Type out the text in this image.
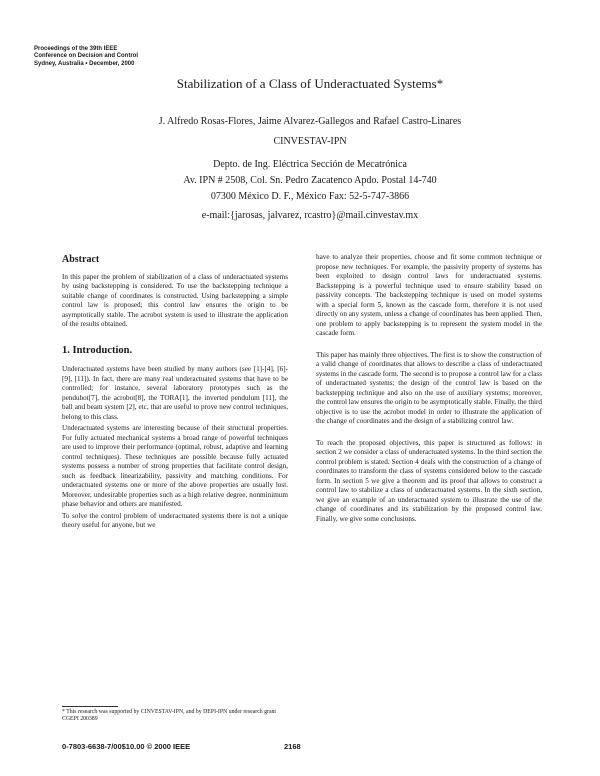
Proceedings of the 39th IEEE
Conference on Decision and Control
Sydney, Australia • December, 2000
Stabilization of a Class of Underactuated Systems*
J. Alfredo Rosas-Flores, Jaime Alvarez-Gallegos and Rafael Castro-Linares
CINVESTAV-IPN
Depto. de Ing. Eléctrica Sección de Mecatrónica
Av. IPN # 2508, Col. Sn. Pedro Zacatenco Apdo. Postal 14-740
07300 México D. F., México Fax: 52-5-747-3866
e-mail:{jarosas, jalvarez, rcastro}@mail.cinvestav.mx

Abstract

In this paper the problem of stabilization of a class of underactuated systems by using backstepping is considered. To use the backstepping technique a suitable change of coordinates is constructed. Using backstepping a simple control law is proposed; this control law ensures the origin to be asymptotically stable. The acrobot system is used to illustrate the application of the results obtained.

1. Introduction.

Underactuated systems have been studied by many authors (see [1]-[4], [6]-[9], [11]). In fact, there are many real underactuated systems that have to be controlled; for instance, several laboratory prototypes such as the pendubot[7], the acrobot[8], the TORA[1], the inverted pendulum [11], the ball and beam system [2], etc, that are useful to prove new control techniques, belong to this class.

Underactuated systems are interesting because of their structural properties. For fully actuated mechanical systems a broad range of powerful techniques are used to improve their performance (optimal, robust, adaptive and learning control techniques). These techniques are possible because fully actuated systems possess a number of strong properties that facilitate control design, such as feedback linearizability, passivity and matching conditions. For underactuated systems one or more of the above properties are usually lost. Moreover, undesirable properties such as a high relative degree, nonminimum phase behavior and others are manifested.

To solve the control problem of underactuated systems there is not a unique theory useful for anyone, but we

have to analyze their properties, choose and fit some common technique or propose new techniques. For example, the passivity property of systems has been exploited to design control laws for underactuated systems. Backstepping is a powerful technique used to ensure stability based on passivity concepts. The backstepping technique is used on model systems with a special form 5, known as the cascade form, therefore it is not used directly on any system, unless a change of coordinates has been applied. Then, one problem to apply backstepping is to represent the system model in the cascade form.

This paper has mainly three objectives. The first is to show the construction of a valid change of coordinates that allows to describe a class of underactuated systems in the cascade form. The second is to propose a control law for a class of underactuated systems; the design of the control law is based on the backstepping technique and also on the use of auxiliary systems; moreover, the control law ensures the origin to be asymptotically stable. Finally, the third objective is to use the acrobot model in order to illustrate the application of the change of coordinates and the design of a stabilizing control law.

To reach the proposed objectives, this paper is structured as follows: in section 2 we consider a class of underactuated systems. In the third section the control problem is stated. Section 4 deals with the construction of a change of coordinates to transform the class of systems considered below to the cascade form. In section 5 we give a theorem and its proof that allows to construct a control law to stabilize a class of underactuated systems. In the sixth section, we give an example of an underactuated system to illustrate the use of the change of coordinates and its stabilization by the proposed control law. Finally, we give some conclusions.

* This research was supported by CINVESTAV-IPN, and by DEPI-IPN under research grant CGEPI 200389
0-7803-6638-7/00$10.00 © 2000 IEEE	2168
